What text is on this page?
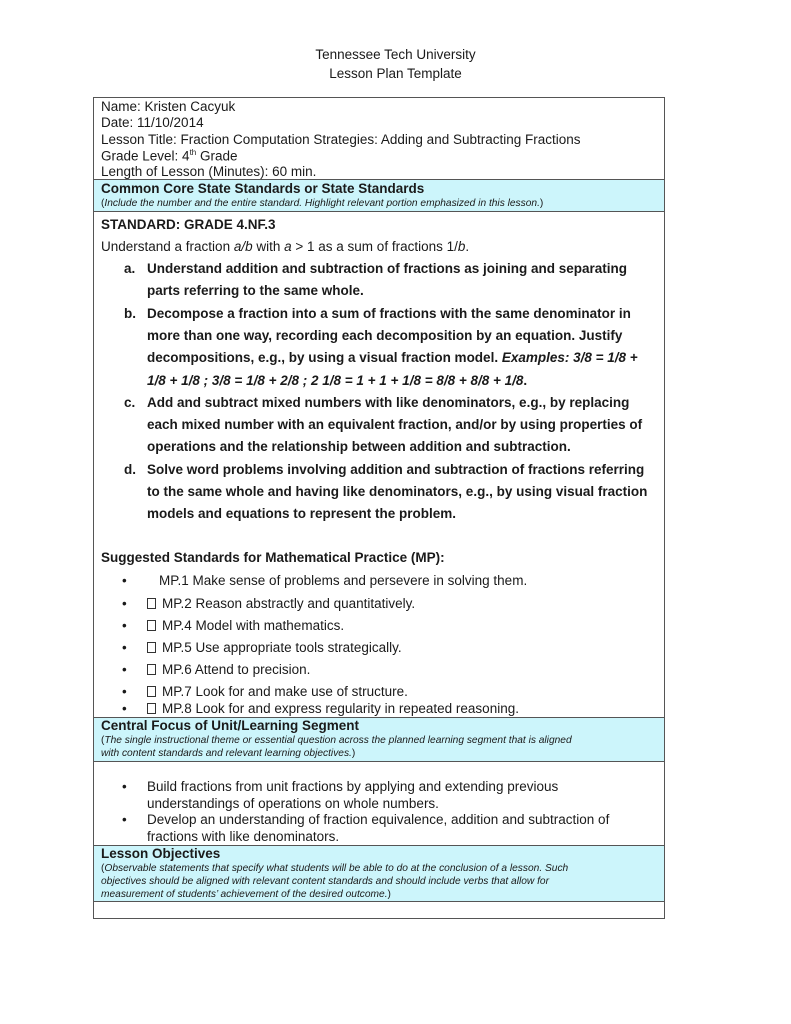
Tennessee Tech University
Lesson Plan Template
Name: Kristen Cacyuk
Date: 11/10/2014
Lesson Title: Fraction Computation Strategies: Adding and Subtracting Fractions
Grade Level: 4th Grade
Length of Lesson (Minutes): 60 min.
Common Core State Standards or State Standards
(Include the number and the entire standard. Highlight relevant portion emphasized in this lesson.)
STANDARD: GRADE 4.NF.3
Understand a fraction a/b with a > 1 as a sum of fractions 1/b.
a. Understand addition and subtraction of fractions as joining and separating parts referring to the same whole.
b. Decompose a fraction into a sum of fractions with the same denominator in more than one way, recording each decomposition by an equation. Justify decompositions, e.g., by using a visual fraction model. Examples: 3/8 = 1/8 + 1/8 + 1/8 ; 3/8 = 1/8 + 2/8 ; 2 1/8 = 1 + 1 + 1/8 = 8/8 + 8/8 + 1/8.
c. Add and subtract mixed numbers with like denominators, e.g., by replacing each mixed number with an equivalent fraction, and/or by using properties of operations and the relationship between addition and subtraction.
d. Solve word problems involving addition and subtraction of fractions referring to the same whole and having like denominators, e.g., by using visual fraction models and equations to represent the problem.
Suggested Standards for Mathematical Practice (MP):
• MP.1 Make sense of problems and persevere in solving them.
•	MP.2 Reason abstractly and quantitatively.
•	MP.4 Model with mathematics.
•	MP.5 Use appropriate tools strategically.
•	MP.6 Attend to precision.
•	MP.7 Look for and make use of structure.
•	MP.8 Look for and express regularity in repeated reasoning.
Central Focus of Unit/Learning Segment
(The single instructional theme or essential question across the planned learning segment that is aligned
with content standards and relevant learning objectives.)
• Build fractions from unit fractions by applying and extending previous understandings of operations on whole numbers.
• Develop an understanding of fraction equivalence, addition and subtraction of fractions with like denominators.
Lesson Objectives
(Observable statements that specify what students will be able to do at the conclusion of a lesson. Such
objectives should be aligned with relevant content standards and should include verbs that allow for
measurement of students’ achievement of the desired outcome.)
